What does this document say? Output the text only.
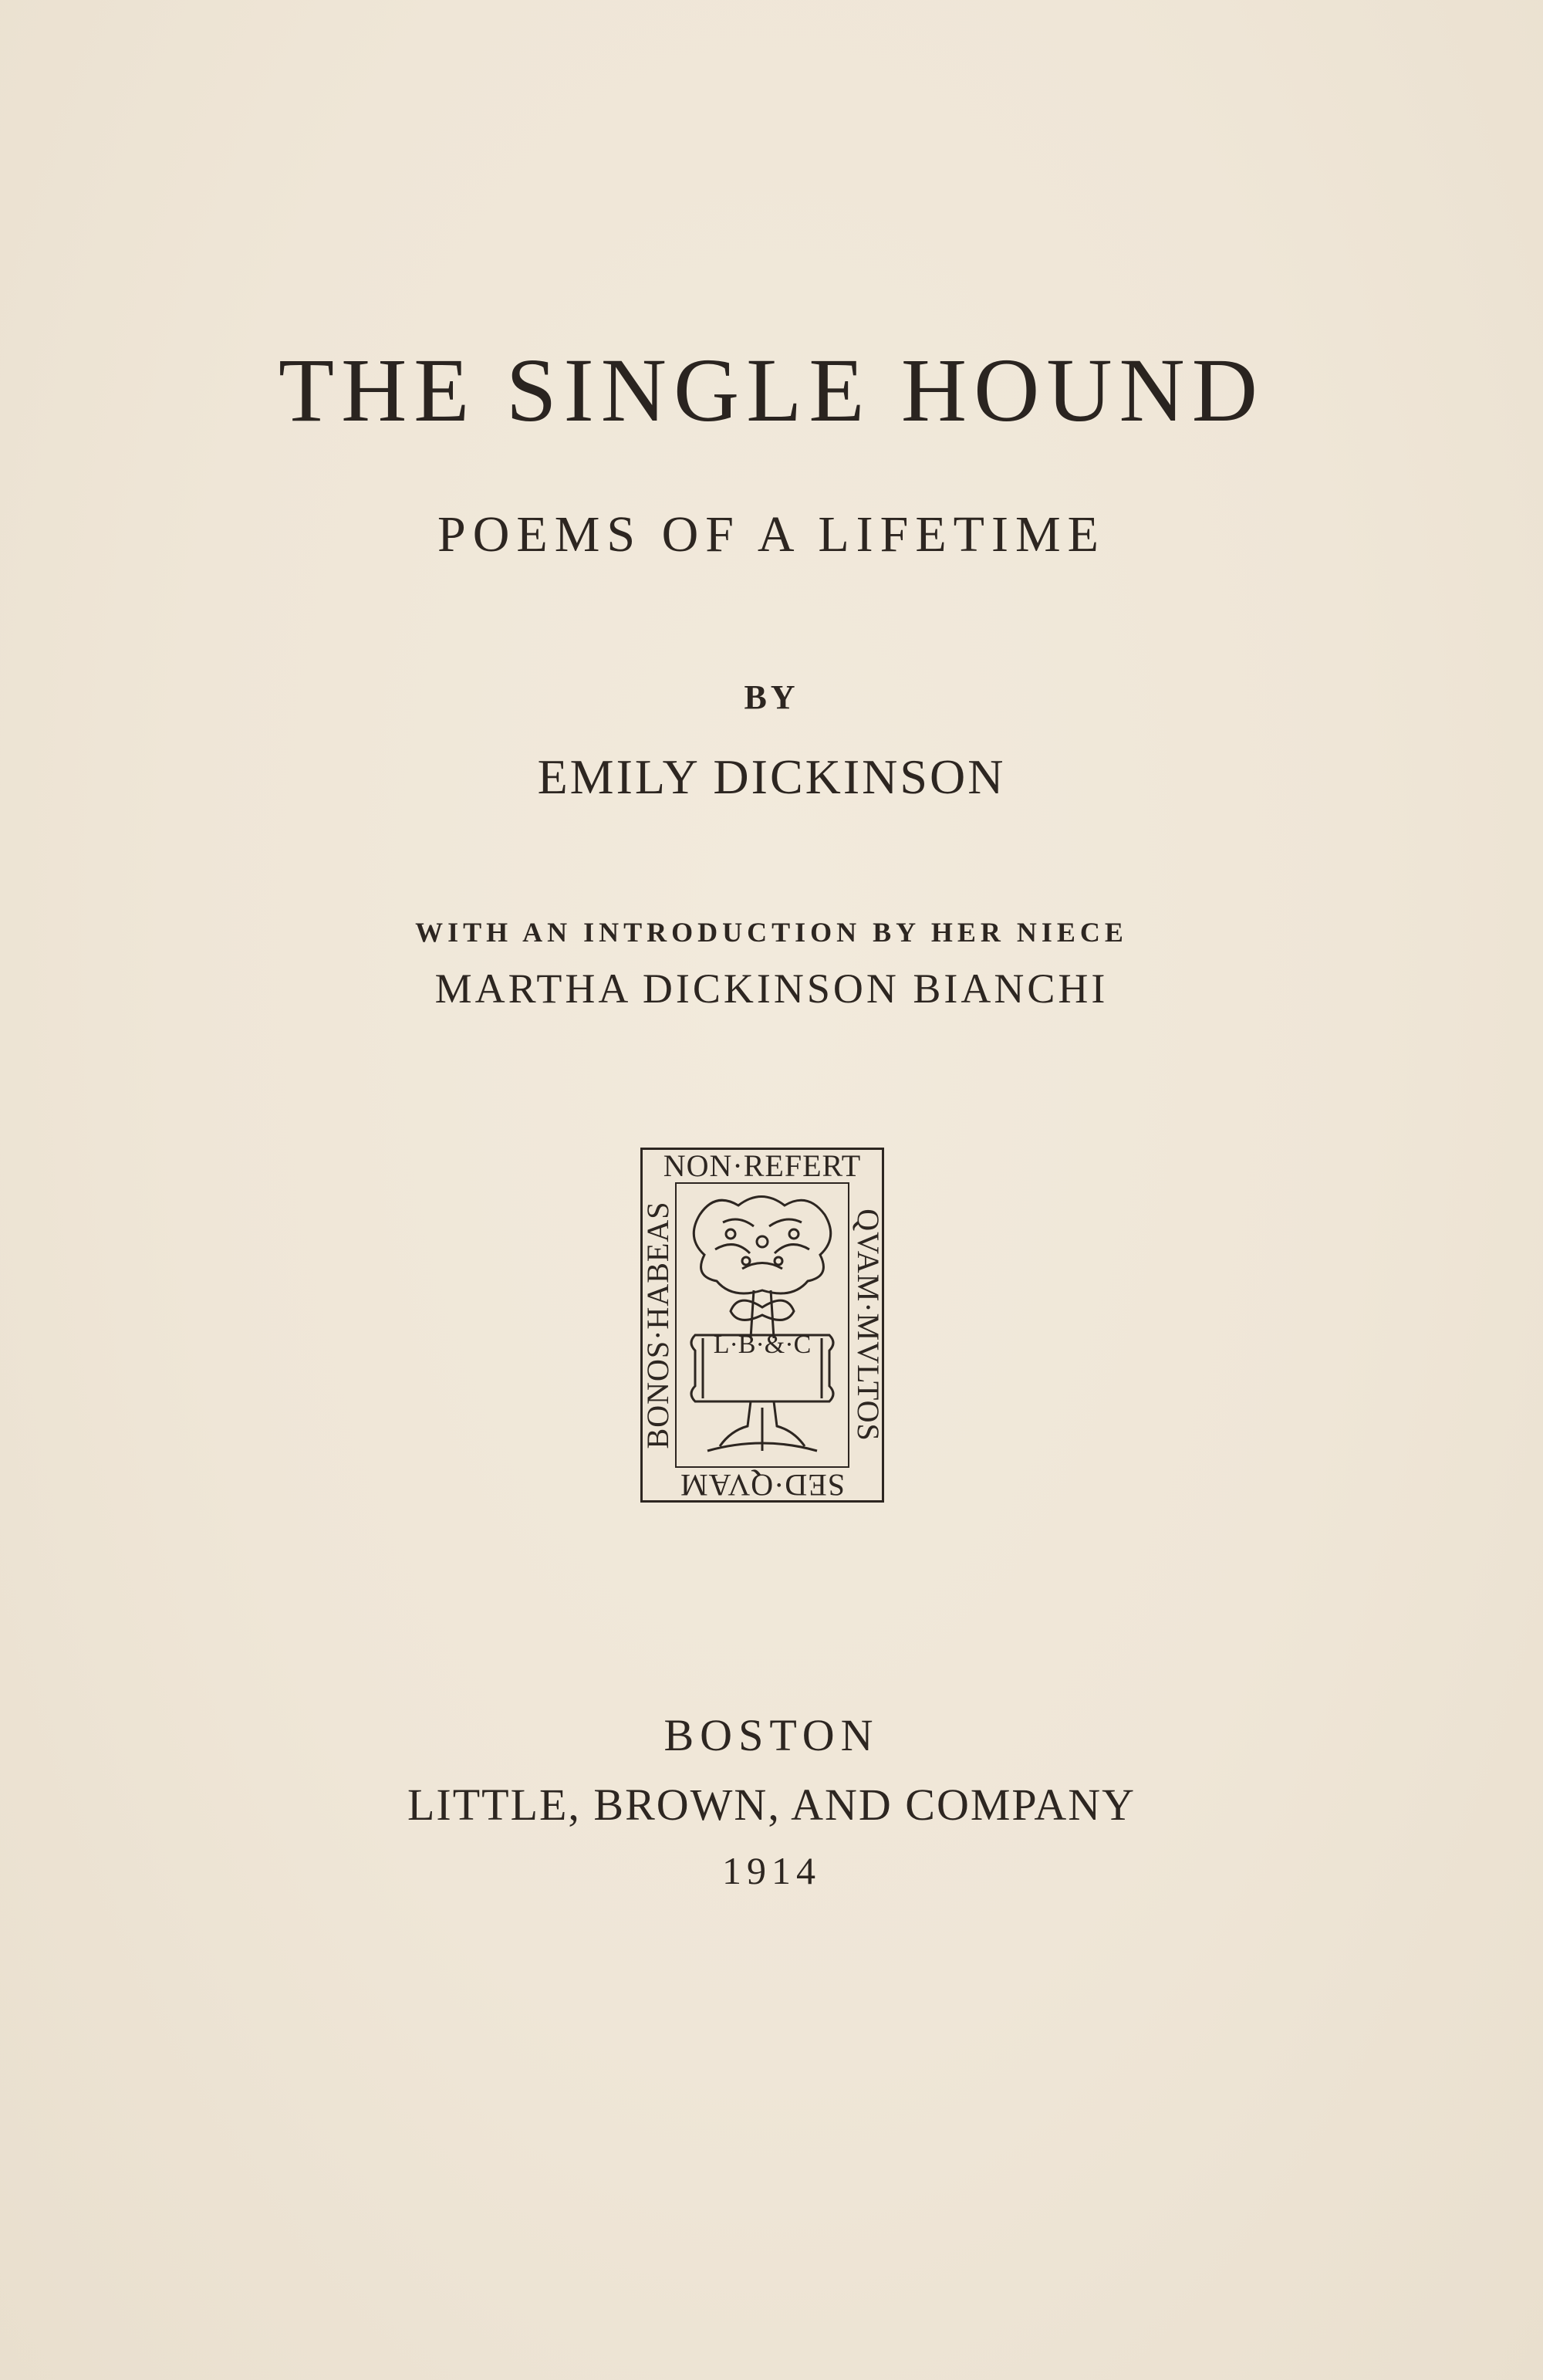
THE SINGLE HOUND
POEMS OF A LIFETIME
BY
EMILY DICKINSON
WITH AN INTRODUCTION BY HER NIECE
MARTHA DICKINSON BIANCHI
NON·REFERT
QVAM·MVLTOS
SED·QVAM
BONOS·HABEAS	L·B·&·C
BOSTON
LITTLE, BROWN, AND COMPANY
1914
